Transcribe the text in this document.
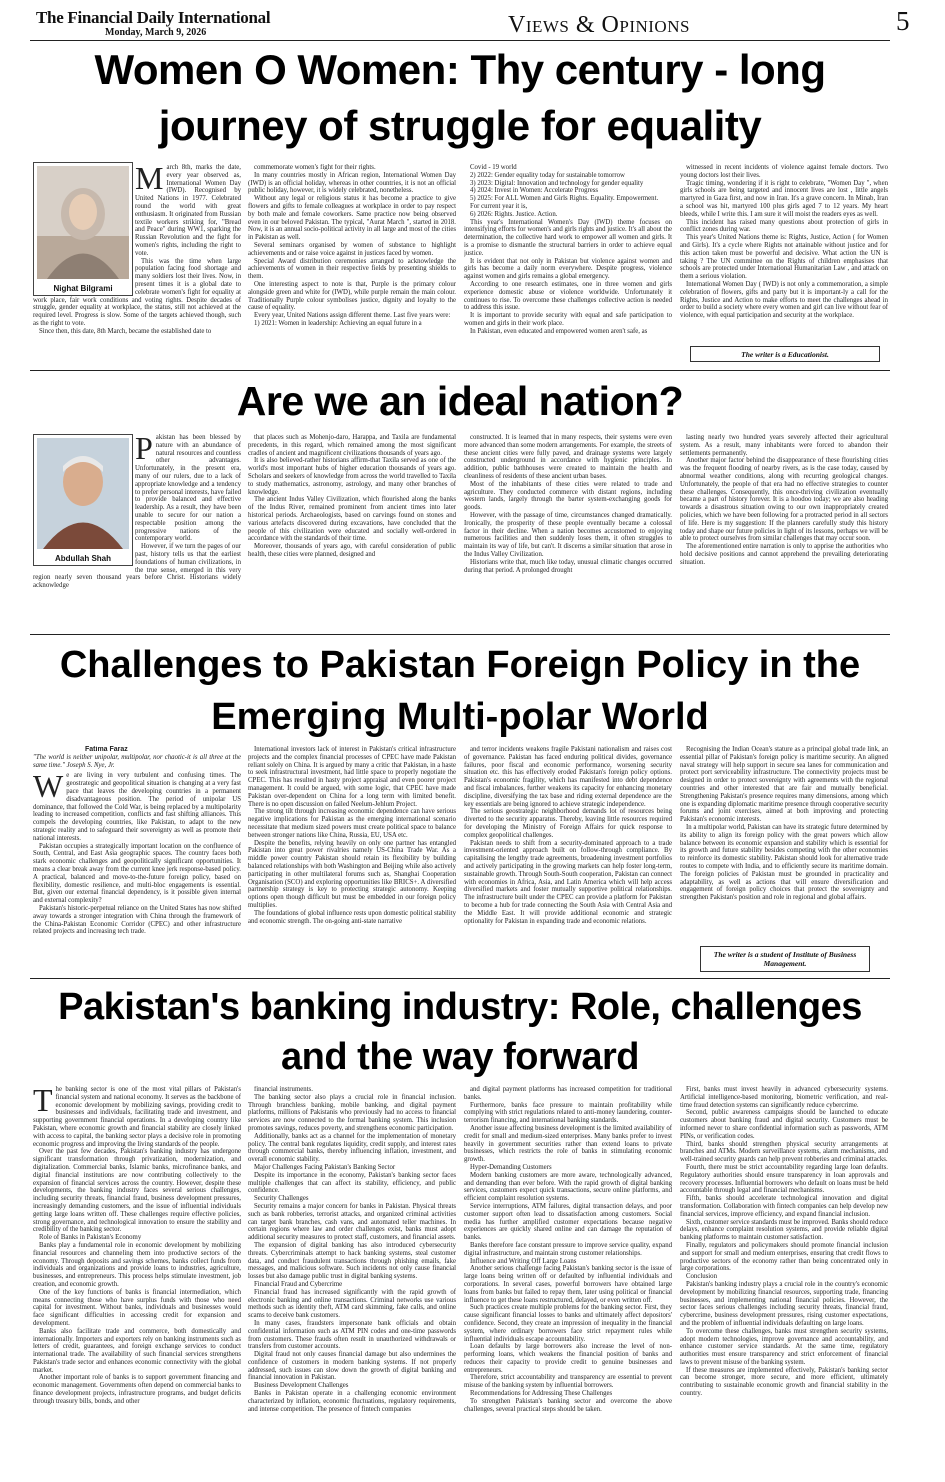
The Financial Daily International
Monday, March 9, 2026	Views & Opinions	5
Women O Women: Thy century - long journey of struggle for equality
Nighat Bilgrami
M arch 8th, marks the date, every year observed as, International Women Day (IWD). Recognised by United Nations in 1977. Celebrated round the world with great enthusiasm. It originated from Russian textile workers striking for, "Bread and Peace" during WW1, sparking the Russian Revolution and the fight for women's rights, including the right to vote.

This was the time when large population facing food shortage and many soldiers lost their lives. Now, in present times it is a global date to celebrate women's fight for equality at work place, fair work conditions and voting rights. Despite decades of struggle, gender equality at workplace, the status, still not achieved at the required level. Progress is slow. Some of the targets achieved though, such as the right to vote.

Since then, this date, 8th March, became the established date to

commemorate women's fight for their rights.

In many countries mostly in African region, International Women Day (IWD) is an official holiday, whereas in other countries, it is not an official public holiday, however, it is widely celebrated, nonetheless.

Without any legal or religious status it has become a practice to give flowers and gifts to female colleagues at workplace in order to pay respect by both male and female coworkers. Same practice now being observed even in our beloved Pakistan. The typical, "Aurat March ", started in 2018. Now, it is an annual socio-political activity in all large and most of the cities in Pakistan as well.

Several seminars organised by women of substance to highlight achievements and or raise voice against in justices faced by women.

Special Award distribution ceremonies arranged to acknowledge the achievements of women in their respective fields by presenting shields to them.

One interesting aspect to note is that, Purple is the primary colour alongside green and white for (IWD), while purple remain the main colour. Traditionally Purple colour symbolises justice, dignity and loyalty to the cause of equality.

Every year, United Nations assign different theme. Last five years were:

1) 2021: Women in leadership: Achieving an equal future in a

Covid - 19 world

2) 2022: Gender equality today for sustainable tomorrow

3) 2023: Digital: Innovation and technology for gender equality

4) 2024: Invest in Women: Accelerate Progress

5) 2025: For ALL Women and Girls Rights. Equality. Empowerment.

For current year it is,

6) 2026: Rights. Justice. Action.

This year's International Women's Day (IWD) theme focuses on intensifying efforts for women's and girls rights and justice. It's all about the determination, the collective hard work to empower all women and girls. It is a promise to dismantle the structural barriers in order to achieve equal justice.

It is evident that not only in Pakistan but violence against women and girls has become a daily norm everywhere. Despite progress, violence against women and girls remains a global emergency.

According to one research estimates, one in three women and girls experience domestic abuse or violence worldwide. Unfortunately it continues to rise. To overcome these challenges collective action is needed to address this issue.

It is important to provide security with equal and safe participation to women and girls in their work place.

In Pakistan, even educated and empowered women aren't safe, as

witnessed in recent incidents of violence against female doctors. Two young doctors lost their lives.

Tragic timing, wondering if it is right to celebrate, "Women Day ", when girls schools are being targeted and innocent lives are lost , little angels martyred in Gaza first, and now in Iran. It's a grave concern. In Minab, Iran a school was hit, martyred 100 plus girls aged 7 to 12 years. My heart bleeds, while I write this. I am sure it will moist the readers eyes as well.

This incident has raised many questions about protection of girls in conflict zones during war.

This year's United Nations theme is: Rights, Justice, Action ( for Women and Girls). It's a cycle where Rights not attainable without justice and for this action taken must be powerful and decisive. What action the UN is taking ? The UN committee on the Rights of children emphasises that schools are protected under International Humanitarian Law , and attack on them a serious violation.

International Women Day ( IWD) is not only a commemoration, a simple celebration of flowers, gifts and party but it is important-ly a call for the Rights, Justice and Action to make efforts to meet the challenges ahead in order to build a society where every women and girl can live without fear of violence, with equal participation and security at the workplace.

The writer is a Educationist.
Are we an ideal nation?
Abdullah Shah
P akistan has been blessed by nature with an abundance of natural resources and countless other advantages. Unfortunately, in the present era, many of our rulers, due to a lack of appropriate knowledge and a tendency to prefer personal interests, have failed to provide balanced and effective leadership. As a result, they have been unable to secure for our nation a respectable position among the progressive nations of the contemporary world.

However, if we turn the pages of our past, history tells us that the earliest foundations of human civilizations, in the true sense, emerged in this very region nearly seven thousand years before Christ. Historians widely acknowledge

that places such as Mohenjo-daro, Harappa, and Taxila are fundamental precedents, in this regard, which remained among the most significant cradles of ancient and magnificent civilizations thousands of years ago.

It is also believed-rather historians affirm-that Taxila served as one of the world's most important hubs of higher education thousands of years ago. Scholars and seekers of knowledge from across the world travelled to Taxila to study mathematics, astronomy, astrology, and many other branches of knowledge.

The ancient Indus Valley Civilization, which flourished along the banks of the Indus River, remained prominent from ancient times into later historical periods. Archaeologists, based on carvings found on stones and various artefacts discovered during excavations, have concluded that the people of this civilization were educated and socially well-ordered in accordance with the standards of their time.

Moreover, thousands of years ago, with careful consideration of public health, these cities were planned, designed and

constructed. It is learned that in many respects, their systems were even more advanced than some modern arrangements. For example, the streets of these ancient cities were fully paved, and drainage systems were largely constructed underground in accordance with hygienic principles. In addition, public bathhouses were created to maintain the health and cleanliness of residents of these ancient urban bases.

Most of the inhabitants of these cities were related to trade and agriculture. They conducted commerce with distant regions, including western lands, largely through the barter system-exchanging goods for goods.

However, with the passage of time, circumstances changed dramatically. Ironically, the prosperity of these people eventually became a colossal factor in their decline. When a nation becomes accustomed to enjoying numerous facilities and then suddenly loses them, it often struggles to maintain its way of life, but can't. It discerns a similar situation that arose in the Indus Valley Civilization.

Historians write that, much like today, unusual climatic changes occurred during that period. A prolonged drought

lasting nearly two hundred years severely affected their agricultural system. As a result, many inhabitants were forced to abandon their settlements permanently.

Another major factor behind the disappearance of these flourishing cities was the frequent flooding of nearby rivers, as is the case today, caused by abnormal weather conditions, along with recurring geological changes. Unfortunately, the people of that era had no effective strategies to counter these challenges. Consequently, this once-thriving civilization eventually became a part of history forever. It is a hoodoo today; we are also heading towards a disastrous situation owing to our own inappropriately created policies, which we have been following for a protracted period in all sectors of life. Here is my suggestion: If the planners carefully study this history today and shape our future policies in light of its lessons, perhaps we will be able to protect ourselves from similar challenges that may occur soon.

The aforementioned entire narration is only to apprise the authorities who hold decisive positions and cannot apprehend the prevailing deteriorating situation.

Challenges to Pakistan Foreign Policy in the Emerging Multi-polar World

Fatima Faraz

"The world is neither unipolar, multipolar, nor chaotic-it is all three at the same time." Joseph S. Nye, Jr.

W e are living in very turbulent and confusing times. The geostrategic and geopolitical situation is changing at a very fast pace that leaves the developing countries in a permanent disadvantageous position. The period of unipolar US dominance, that followed the Cold War, is being replaced by a multipolarity leading to increased competition, conflicts and fast shifting alliances. This compels the developing countries, like Pakistan, to adapt to the new strategic reality and to safeguard their sovereignty as well as promote their national interests.

Pakistan occupies a strategically important location on the confluence of South, Central, and East Asia geographic spaces. The country faces both stark economic challenges and geopolitically significant opportunities. It means a clear break away from the current knee jerk response-based policy. A practical, balanced and move-to-the-future foreign policy, based on flexibility, domestic resilience, and multi-bloc engagements is essential. But, given our external financial dependency, is it possible given internal and external complexity?

Pakistan's historic-perpetual reliance on the United States has now shifted away towards a stronger integration with China through the framework of the China-Pakistan Economic Corridor (CPEC) and other infrastructure related projects and increasing tech trade.

International investors lack of interest in Pakistan's critical infrastructure projects and the complex financial processes of CPEC have made Pakistan reliant solely on China. It is argued by many a critic that Pakistan, in a haste to seek infrastructural investment, had little space to properly negotiate the CPEC. This has resulted in hasty project appraisal and even poorer project management. It could be argued, with some logic, that CPEC have made Pakistan over-dependent on China for a long term with limited benefit. There is no open discussion on failed Neelum-Jehlum Project.

The strong tilt through increasing economic dependence can have serious negative implications for Pakistan as the emerging international scenario necessitate that medium sized powers must create political space to balance between stronger nations like China, Russia, EU, USA etc.

Despite the benefits, relying heavily on only one partner has entangled Pakistan into great power rivalries namely US-China Trade War. As a middle power country Pakistan should retain its flexibility by building balanced relationships with both Washington and Beijing while also actively participating in other multilateral forums such as, Shanghai Cooperation Organisation (SCO) and exploring opportunities like BRICS+. A diversified partnership strategy is key to protecting strategic autonomy. Keeping options open though difficult but must be embedded in our foreign policy multiplies.

The foundations of global influence rests upon domestic political stability and economic strength. The on-going anti-state narrative

and terror incidents weakens fragile Pakistani nationalism and raises cost of governance. Pakistan has faced enduring political divides, governance failures, poor fiscal and economic performance, worsening security situation etc. this has effectively eroded Pakistan's foreign policy options. Pakistan's economic fragility, which has manifested into debt dependence and fiscal imbalances, further weakens its capacity for enhancing monetary discipline, diversifying the tax base and riding external dependence are the key essentials are being ignored to achieve strategic independence.

The serious geostrategic neighborhood demands lot of resources being diverted to the security apparatus. Thereby, leaving little resources required for developing the Ministry of Foreign Affairs for quick response to complex geopolitical challenges.

Pakistan needs to shift from a security-dominated approach to a trade investment-oriented approach built on follow-through compliance. By capitalising the lengthy trade agreements, broadening investment portfolios and actively participating in the growing markets can help foster long-term, sustainable growth. Through South-South cooperation, Pakistan can connect with economies in Africa, Asia, and Latin America which will help access diversified markets and foster mutually supportive political relationships. The infrastructure built under the CPEC can provide a platform for Pakistan to become a hub for trade connecting the South Asia with Central Asia and the Middle East. It will provide additional economic and strategic optionality for Pakistan in expanding trade and economic relations.

Recognising the Indian Ocean's stature as a principal global trade link, an essential pillar of Pakistan's foreign policy is maritime security. An aligned naval strategy will help support in secure sea lanes for communication and protect port serviceability infrastructure. The connectivity projects must be designed in order to protect sovereignty with agreements with the regional countries and other interested that are fair and mutually beneficial. Strengthening Pakistan's presence requires many dimensions, among which one is expanding diplomatic maritime presence through cooperative security forums and joint exercises, aimed at both improving and protecting Pakistan's economic interests.

In a multipolar world, Pakistan can have its strategic future determined by its ability to align its foreign policy with the great powers which allow balance between its economic expansion and stability which is essential for its growth and future stability besides competing with the other economies to reinforce its domestic stability. Pakistan should look for alternative trade routes to compete with India, and to efficiently secure its maritime domain. The foreign policies of Pakistan must be grounded in practicality and adaptability, as well as actions that will ensure diversification and engagement of foreign policy choices that protect the sovereignty and strengthen Pakistan's position and role in regional and global affairs.

The writer is a student of Institute of Business Management.
Pakistan's banking industry: Role, challenges and the way forward
T he banking sector is one of the most vital pillars of Pakistan's financial system and national economy. It serves as the backbone of economic development by mobilizing savings, providing credit to businesses and individuals, facilitating trade and investment, and supporting government financial operations. In a developing country like Pakistan, where economic growth and financial stability are closely linked with access to capital, the banking sector plays a decisive role in promoting economic progress and improving the living standards of the people.

Over the past few decades, Pakistan's banking industry has undergone significant transformation through privatization, modernization, and digitalization. Commercial banks, Islamic banks, microfinance banks, and digital financial institutions are now contributing collectively to the expansion of financial services across the country. However, despite these developments, the banking industry faces several serious challenges, including security threats, financial fraud, business development pressures, increasingly demanding customers, and the issue of influential individuals getting large loans written off. These challenges require effective policies, strong governance, and technological innovation to ensure the stability and credibility of the banking sector.

Role of Banks in Pakistan's Economy

Banks play a fundamental role in economic development by mobilizing financial resources and channeling them into productive sectors of the economy. Through deposits and savings schemes, banks collect funds from individuals and organizations and provide loans to industries, agriculture, businesses, and entrepreneurs. This process helps stimulate investment, job creation, and economic growth.

One of the key functions of banks is financial intermediation, which means connecting those who have surplus funds with those who need capital for investment. Without banks, individuals and businesses would face significant difficulties in accessing credit for expansion and development.

Banks also facilitate trade and commerce, both domestically and internationally. Importers and exporters rely on banking instruments such as letters of credit, guarantees, and foreign exchange services to conduct international trade. The availability of such financial services strengthens Pakistan's trade sector and enhances economic connectivity with the global market.

Another important role of banks is to support government financing and economic management. Governments often depend on commercial banks to finance development projects, infrastructure programs, and budget deficits through treasury bills, bonds, and other

financial instruments.

The banking sector also plays a crucial role in financial inclusion. Through branchless banking, mobile banking, and digital payment platforms, millions of Pakistanis who previously had no access to financial services are now connected to the formal banking system. This inclusion promotes savings, reduces poverty, and strengthens economic participation.

Additionally, banks act as a channel for the implementation of monetary policy. The central bank regulates liquidity, credit supply, and interest rates through commercial banks, thereby influencing inflation, investment, and overall economic stability.

Major Challenges Facing Pakistan's Banking Sector

Despite its importance in the economy, Pakistan's banking sector faces multiple challenges that can affect its stability, efficiency, and public confidence.

Security Challenges

Security remains a major concern for banks in Pakistan. Physical threats such as bank robberies, terrorist attacks, and organized criminal activities can target bank branches, cash vans, and automated teller machines. In certain regions where law and order challenges exist, banks must adopt additional security measures to protect staff, customers, and financial assets.

The expansion of digital banking has also introduced cybersecurity threats. Cybercriminals attempt to hack banking systems, steal customer data, and conduct fraudulent transactions through phishing emails, fake messages, and malicious software. Such incidents not only cause financial losses but also damage public trust in digital banking systems.

Financial Fraud and Cybercrime

Financial fraud has increased significantly with the rapid growth of electronic banking and online transactions. Criminal networks use various methods such as identity theft, ATM card skimming, fake calls, and online scams to deceive bank customers.

In many cases, fraudsters impersonate bank officials and obtain confidential information such as ATM PIN codes and one-time passwords from customers. These frauds often result in unauthorized withdrawals or transfers from customer accounts.

Digital fraud not only causes financial damage but also undermines the confidence of customers in modern banking systems. If not properly addressed, such issues can slow down the growth of digital banking and financial innovation in Pakistan.

Business Development Challenges

Banks in Pakistan operate in a challenging economic environment characterized by inflation, economic fluctuations, regulatory requirements, and intense competition. The presence of fintech companies

and digital payment platforms has increased competition for traditional banks.

Furthermore, banks face pressure to maintain profitability while complying with strict regulations related to anti-money laundering, counter-terrorism financing, and international banking standards.

Another issue affecting business development is the limited availability of credit for small and medium-sized enterprises. Many banks prefer to invest heavily in government securities rather than extend loans to private businesses, which restricts the role of banks in stimulating economic growth.

Hyper-Demanding Customers

Modern banking customers are more aware, technologically advanced, and demanding than ever before. With the rapid growth of digital banking services, customers expect quick transactions, secure online platforms, and efficient complaint resolution systems.

Service interruptions, ATM failures, digital transaction delays, and poor customer support often lead to dissatisfaction among customers. Social media has further amplified customer expectations because negative experiences are quickly shared online and can damage the reputation of banks.

Banks therefore face constant pressure to improve service quality, expand digital infrastructure, and maintain strong customer relationships.

Influence and Writing Off Large Loans

Another serious challenge facing Pakistan's banking sector is the issue of large loans being written off or defaulted by influential individuals and corporations. In several cases, powerful borrowers have obtained large loans from banks but failed to repay them, later using political or financial influence to get these loans restructured, delayed, or even written off.

Such practices create multiple problems for the banking sector. First, they cause significant financial losses to banks and ultimately affect depositors' confidence. Second, they create an impression of inequality in the financial system, where ordinary borrowers face strict repayment rules while influential individuals escape accountability.

Loan defaults by large borrowers also increase the level of non-performing loans, which weakens the financial position of banks and reduces their capacity to provide credit to genuine businesses and entrepreneurs.

Therefore, strict accountability and transparency are essential to prevent misuse of the banking system by influential borrowers.

Recommendations for Addressing These Challenges

To strengthen Pakistan's banking sector and overcome the above challenges, several practical steps should be taken.

First, banks must invest heavily in advanced cybersecurity systems. Artificial intelligence-based monitoring, biometric verification, and real-time fraud detection systems can significantly reduce cybercrime.

Second, public awareness campaigns should be launched to educate customers about banking fraud and digital security. Customers must be informed never to share confidential information such as passwords, ATM PINs, or verification codes.

Third, banks should strengthen physical security arrangements at branches and ATMs. Modern surveillance systems, alarm mechanisms, and well-trained security guards can help prevent robberies and criminal attacks.

Fourth, there must be strict accountability regarding large loan defaults. Regulatory authorities should ensure transparency in loan approvals and recovery processes. Influential borrowers who default on loans must be held accountable through legal and financial mechanisms.

Fifth, banks should accelerate technological innovation and digital transformation. Collaboration with fintech companies can help develop new financial services, improve efficiency, and expand financial inclusion.

Sixth, customer service standards must be improved. Banks should reduce delays, enhance complaint resolution systems, and provide reliable digital banking platforms to maintain customer satisfaction.

Finally, regulators and policymakers should promote financial inclusion and support for small and medium enterprises, ensuring that credit flows to productive sectors of the economy rather than being concentrated only in large corporations.

Conclusion

Pakistan's banking industry plays a crucial role in the country's economic development by mobilizing financial resources, supporting trade, financing businesses, and implementing national financial policies. However, the sector faces serious challenges including security threats, financial fraud, cybercrime, business development pressures, rising customer expectations, and the problem of influential individuals defaulting on large loans.

To overcome these challenges, banks must strengthen security systems, adopt modern technologies, improve governance and accountability, and enhance customer service standards. At the same time, regulatory authorities must ensure transparency and strict enforcement of financial laws to prevent misuse of the banking system.

If these measures are implemented effectively, Pakistan's banking sector can become stronger, more secure, and more efficient, ultimately contributing to sustainable economic growth and financial stability in the country.
